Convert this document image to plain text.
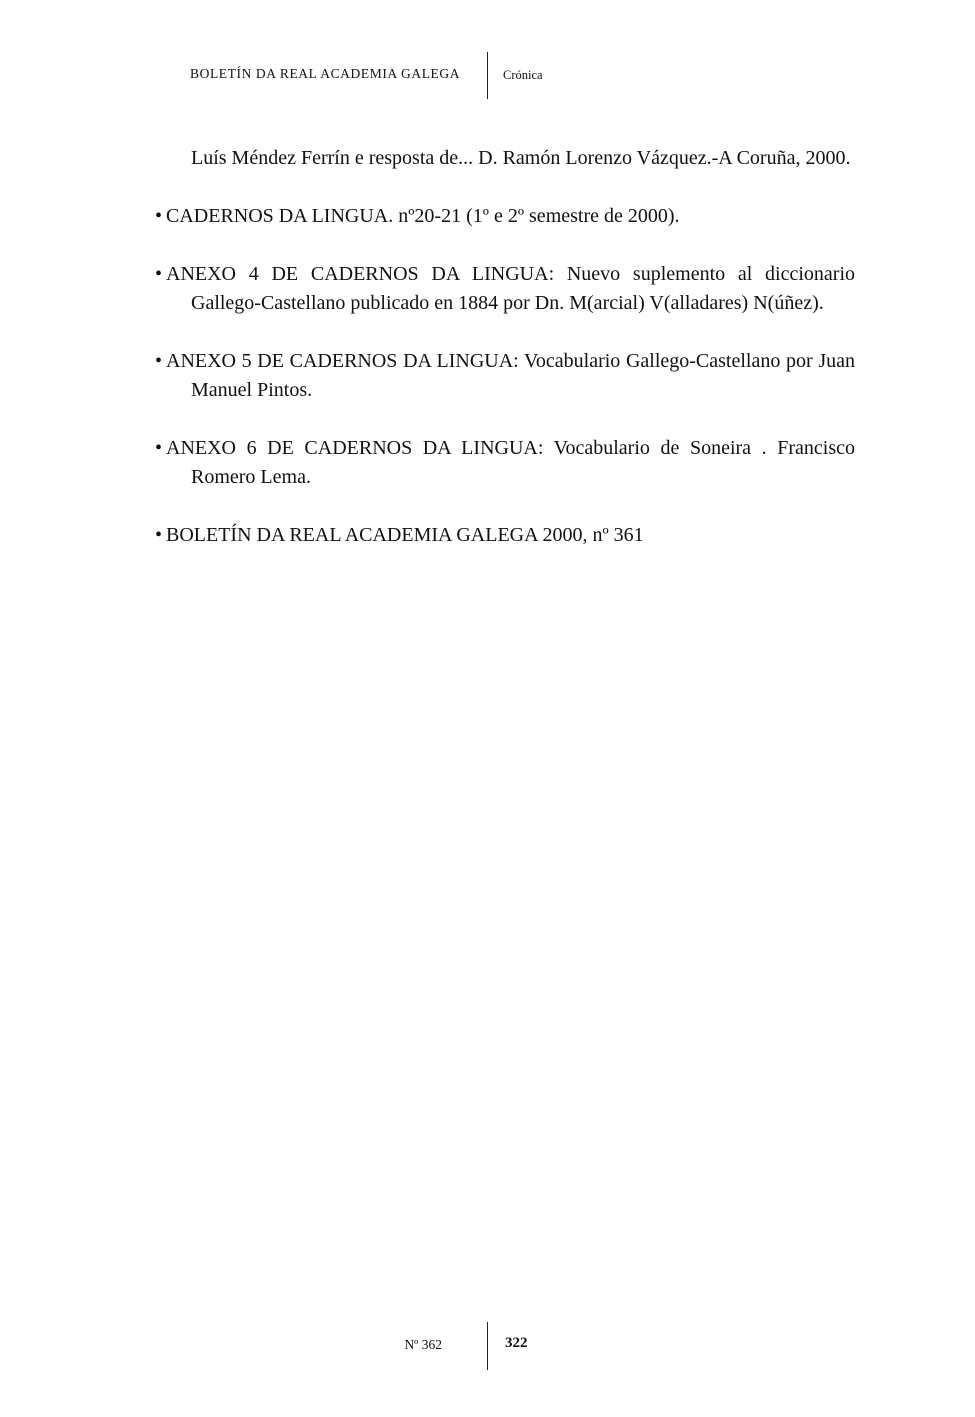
BOLETÍN DA REAL ACADEMIA GALEGA	Crónica

Luís Méndez Ferrín e resposta de... D. Ramón Lorenzo Vázquez.-A Coruña, 2000.

• CADERNOS DA LINGUA. nº20-21 (1º e 2º semestre de 2000).

• ANEXO 4 DE CADERNOS DA LINGUA: Nuevo suplemento al diccionario Gallego-Castellano publicado en 1884 por Dn. M(arcial) V(alladares) N(úñez).

• ANEXO 5 DE CADERNOS DA LINGUA: Vocabulario Gallego-Castellano por Juan Manuel Pintos.

• ANEXO 6 DE CADERNOS DA LINGUA: Vocabulario de Soneira . Francisco Romero Lema.

• BOLETÍN DA REAL ACADEMIA GALEGA 2000, nº 361

Nº 362	322
